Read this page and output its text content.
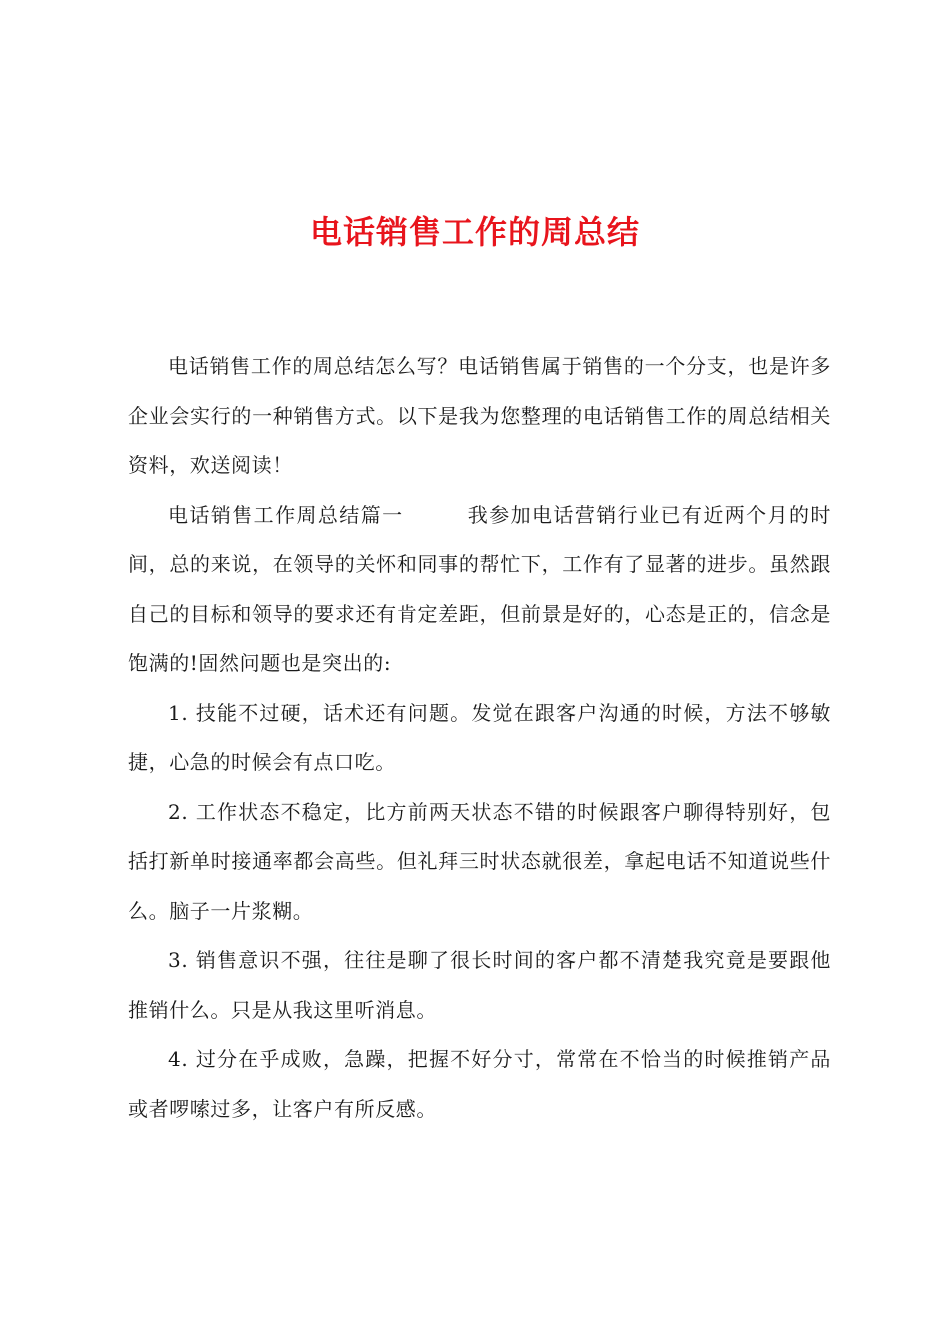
电话销售工作的周总结

电话销售工作的周总结怎么写？电话销售属于销售的一个分支，也是许多企业会实行的一种销售方式。以下是我为您整理的电话销售工作的周总结相关资料，欢送阅读！

电话销售工作周总结篇一　　　我参加电话营销行业已有近两个月的时间，总的来说，在领导的关怀和同事的帮忙下，工作有了显著的进步。虽然跟自己的目标和领导的要求还有肯定差距，但前景是好的，心态是正的，信念是饱满的!固然问题也是突出的:

1. 技能不过硬，话术还有问题。发觉在跟客户沟通的时候，方法不够敏捷，心急的时候会有点口吃。

2. 工作状态不稳定，比方前两天状态不错的时候跟客户聊得特别好，包括打新单时接通率都会高些。但礼拜三时状态就很差，拿起电话不知道说些什么。脑子一片浆糊。

3. 销售意识不强，往往是聊了很长时间的客户都不清楚我究竟是要跟他推销什么。只是从我这里听消息。

4. 过分在乎成败，急躁，把握不好分寸，常常在不恰当的时候推销产品或者啰嗦过多，让客户有所反感。
